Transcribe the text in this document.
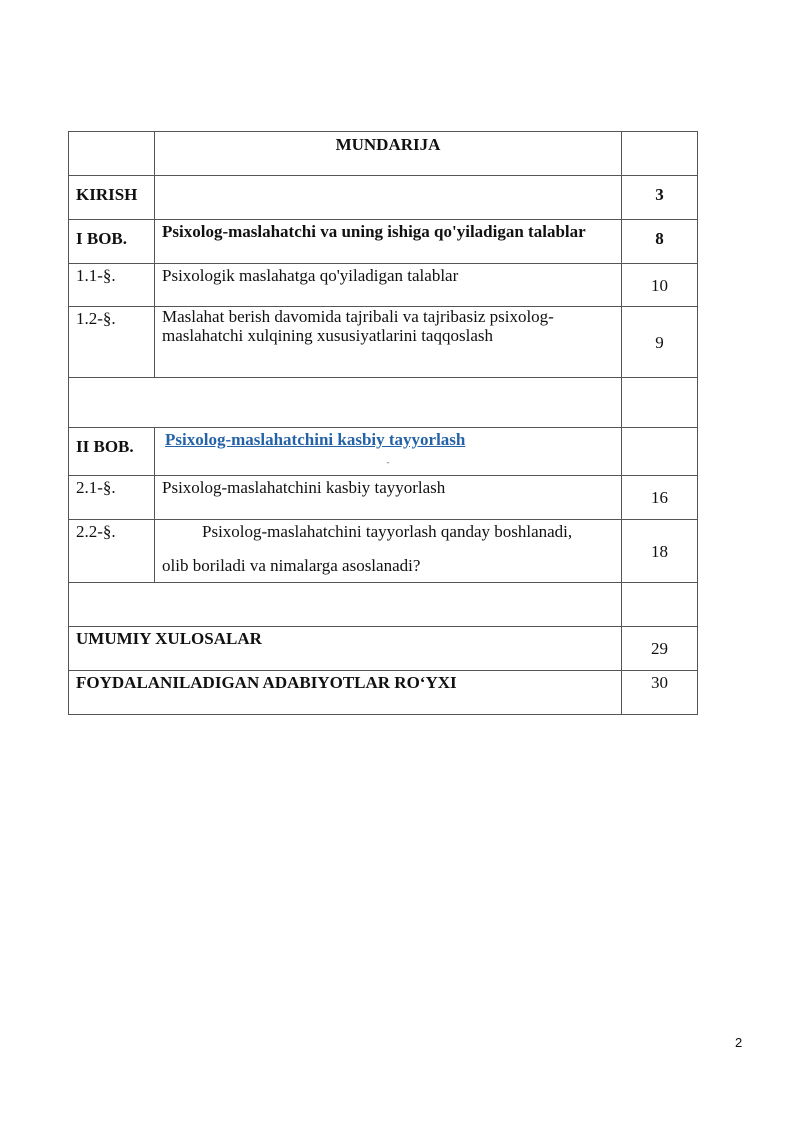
	MUNDARIJA	
KIRISH		3
I BOB.	Psixolog-maslahatchi va uning ishiga qo'yiladigan talablar	8
1.1-§.	Psixologik maslahatga qo'yiladigan talablar	10
1.2-§.	Maslahat berish davomida tajribali va tajribasiz psixolog-maslahatchi xulqining xususiyatlarini taqqoslash	9

II BOB.	Psixolog-maslahatchini kasbiy tayyorlash
-	

2.1-§.	Psixolog-maslahatchini kasbiy tayyorlash	16
2.2-§.	Psixolog-maslahatchini tayyorlash qanday boshlanadi,
olib boriladi va nimalarga asoslanadi?	18

UMUMIY XULOSALAR		29
FOYDALANILADIGAN ADABIYOTLAR RO‘YXI		30
2
